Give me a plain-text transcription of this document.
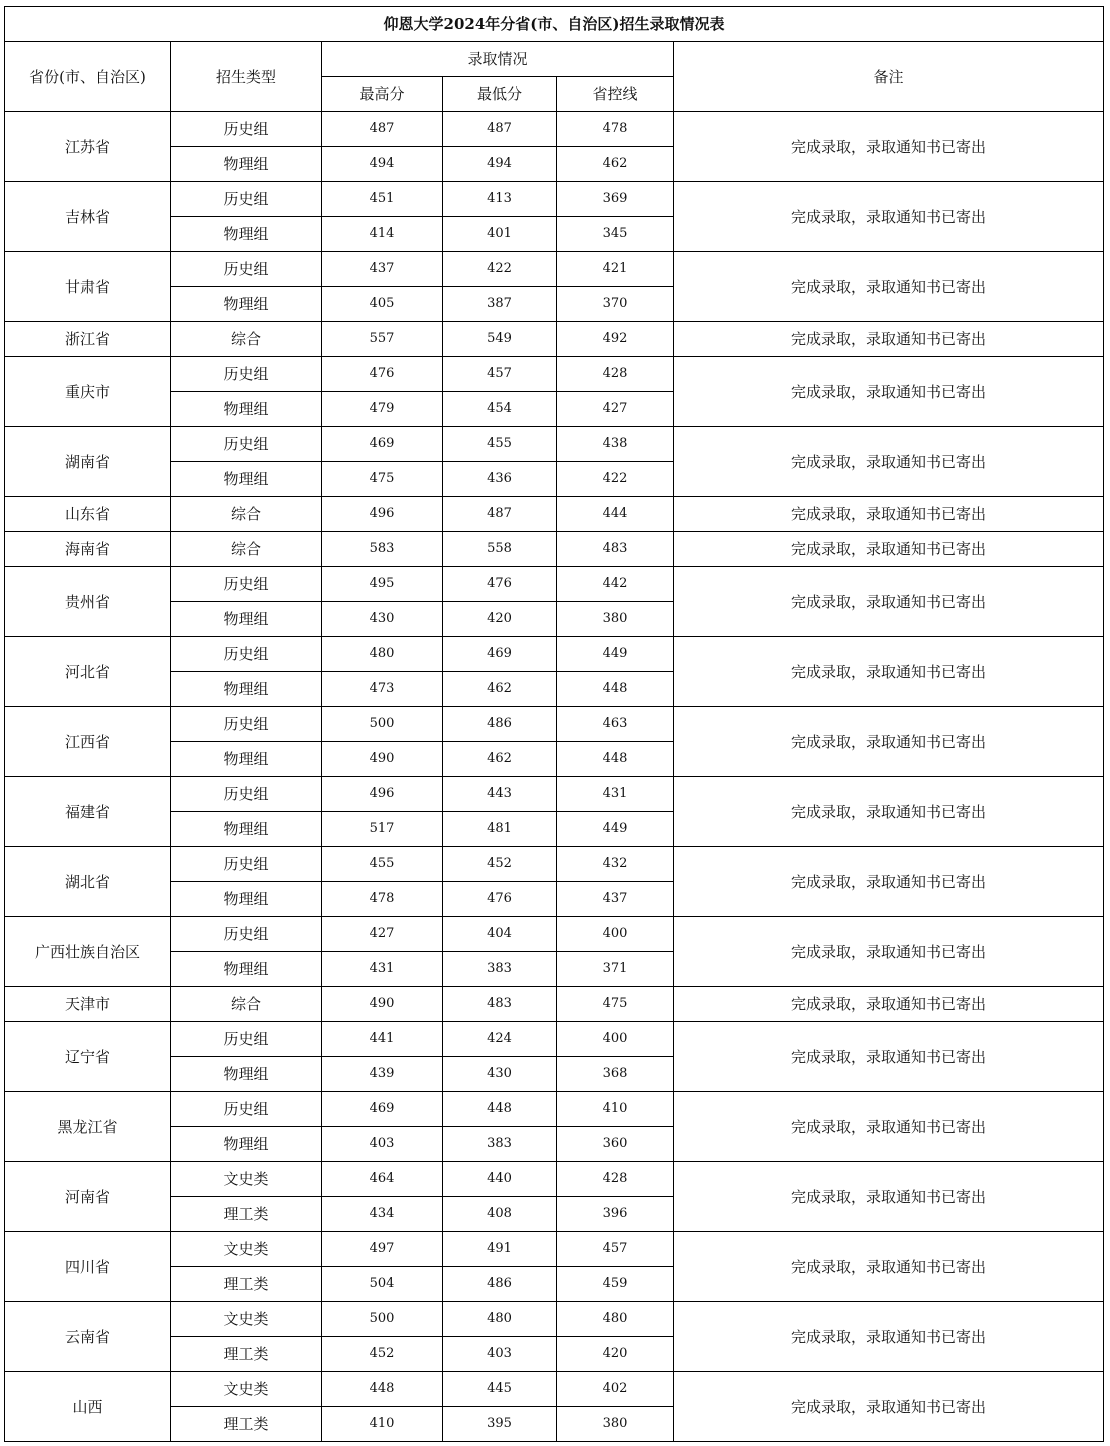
仰恩大学2024年分省(市、自治区)招生录取情况表					
省份(市、自治区)	招生类型	录取情况			备注
		最高分	最低分	省控线	
江苏省	历史组	487	487	478	完成录取，录取通知书已寄出
	物理组	494	494	462	
吉林省	历史组	451	413	369	完成录取，录取通知书已寄出
	物理组	414	401	345	
甘肃省	历史组	437	422	421	完成录取，录取通知书已寄出
	物理组	405	387	370	
浙江省	综合	557	549	492	完成录取，录取通知书已寄出
重庆市	历史组	476	457	428	完成录取，录取通知书已寄出
	物理组	479	454	427	
湖南省	历史组	469	455	438	完成录取，录取通知书已寄出
	物理组	475	436	422	
山东省	综合	496	487	444	完成录取，录取通知书已寄出
海南省	综合	583	558	483	完成录取，录取通知书已寄出
贵州省	历史组	495	476	442	完成录取，录取通知书已寄出
	物理组	430	420	380	
河北省	历史组	480	469	449	完成录取，录取通知书已寄出
	物理组	473	462	448	
江西省	历史组	500	486	463	完成录取，录取通知书已寄出
	物理组	490	462	448	
福建省	历史组	496	443	431	完成录取，录取通知书已寄出
	物理组	517	481	449	
湖北省	历史组	455	452	432	完成录取，录取通知书已寄出
	物理组	478	476	437	
广西壮族自治区	历史组	427	404	400	完成录取，录取通知书已寄出
	物理组	431	383	371	
天津市	综合	490	483	475	完成录取，录取通知书已寄出
辽宁省	历史组	441	424	400	完成录取，录取通知书已寄出
	物理组	439	430	368	
黑龙江省	历史组	469	448	410	完成录取，录取通知书已寄出
	物理组	403	383	360	
河南省	文史类	464	440	428	完成录取，录取通知书已寄出
	理工类	434	408	396	
四川省	文史类	497	491	457	完成录取，录取通知书已寄出
	理工类	504	486	459	
云南省	文史类	500	480	480	完成录取，录取通知书已寄出
	理工类	452	403	420	
山西	文史类	448	445	402	完成录取，录取通知书已寄出
	理工类	410	395	380	
